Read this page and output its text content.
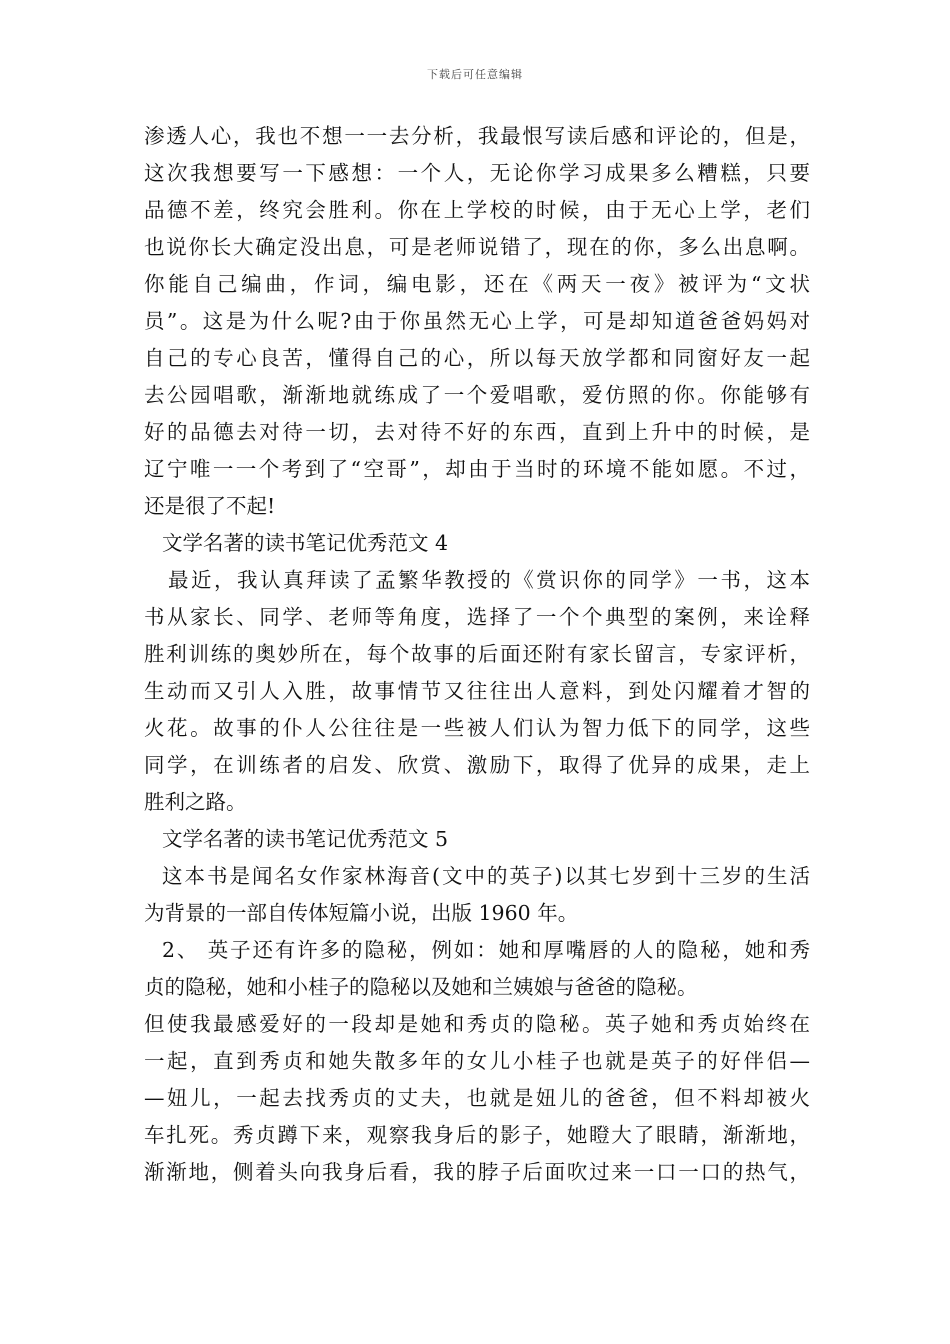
下载后可任意编辑
渗透人心，我也不想一一去分析，我最恨写读后感和评论的，但是，
这次我想要写一下感想：一个人，无论你学习成果多么糟糕，只要
品德不差，终究会胜利。你在上学校的时候，由于无心上学，老们
也说你长大确定没出息，可是老师说错了，现在的你，多么出息啊。
你能自己编曲，作词，编电影，还在《两天一夜》被评为“文状
员”。这是为什么呢?由于你虽然无心上学，可是却知道爸爸妈妈对
自己的专心良苦，懂得自己的心，所以每天放学都和同窗好友一起
去公园唱歌，渐渐地就练成了一个爱唱歌，爱仿照的你。你能够有
好的品德去对待一切，去对待不好的东西，直到上升中的时候，是
辽宁唯一一个考到了“空哥”，却由于当时的环境不能如愿。不过，
还是很了不起!
文学名著的读书笔记优秀范文 4
最近，我认真拜读了孟繁华教授的《赏识你的同学》一书，这本
书从家长、同学、老师等角度，选择了一个个典型的案例，来诠释
胜利训练的奥妙所在，每个故事的后面还附有家长留言，专家评析，
生动而又引人入胜，故事情节又往往出人意料，到处闪耀着才智的
火花。故事的仆人公往往是一些被人们认为智力低下的同学，这些
同学，在训练者的启发、欣赏、激励下，取得了优异的成果，走上
胜利之路。
文学名著的读书笔记优秀范文 5
这本书是闻名女作家林海音(文中的英子)以其七岁到十三岁的生活
为背景的一部自传体短篇小说，出版 1960 年。
2、 英子还有许多的隐秘，例如：她和厚嘴唇的人的隐秘，她和秀
贞的隐秘，她和小桂子的隐秘以及她和兰姨娘与爸爸的隐秘。
但使我最感爱好的一段却是她和秀贞的隐秘。英子她和秀贞始终在
一起，直到秀贞和她失散多年的女儿小桂子也就是英子的好伴侣—
—妞儿，一起去找秀贞的丈夫，也就是妞儿的爸爸，但不料却被火
车扎死。秀贞蹲下来，观察我身后的影子，她瞪大了眼睛，渐渐地，
渐渐地，侧着头向我身后看，我的脖子后面吹过来一口一口的热气，
